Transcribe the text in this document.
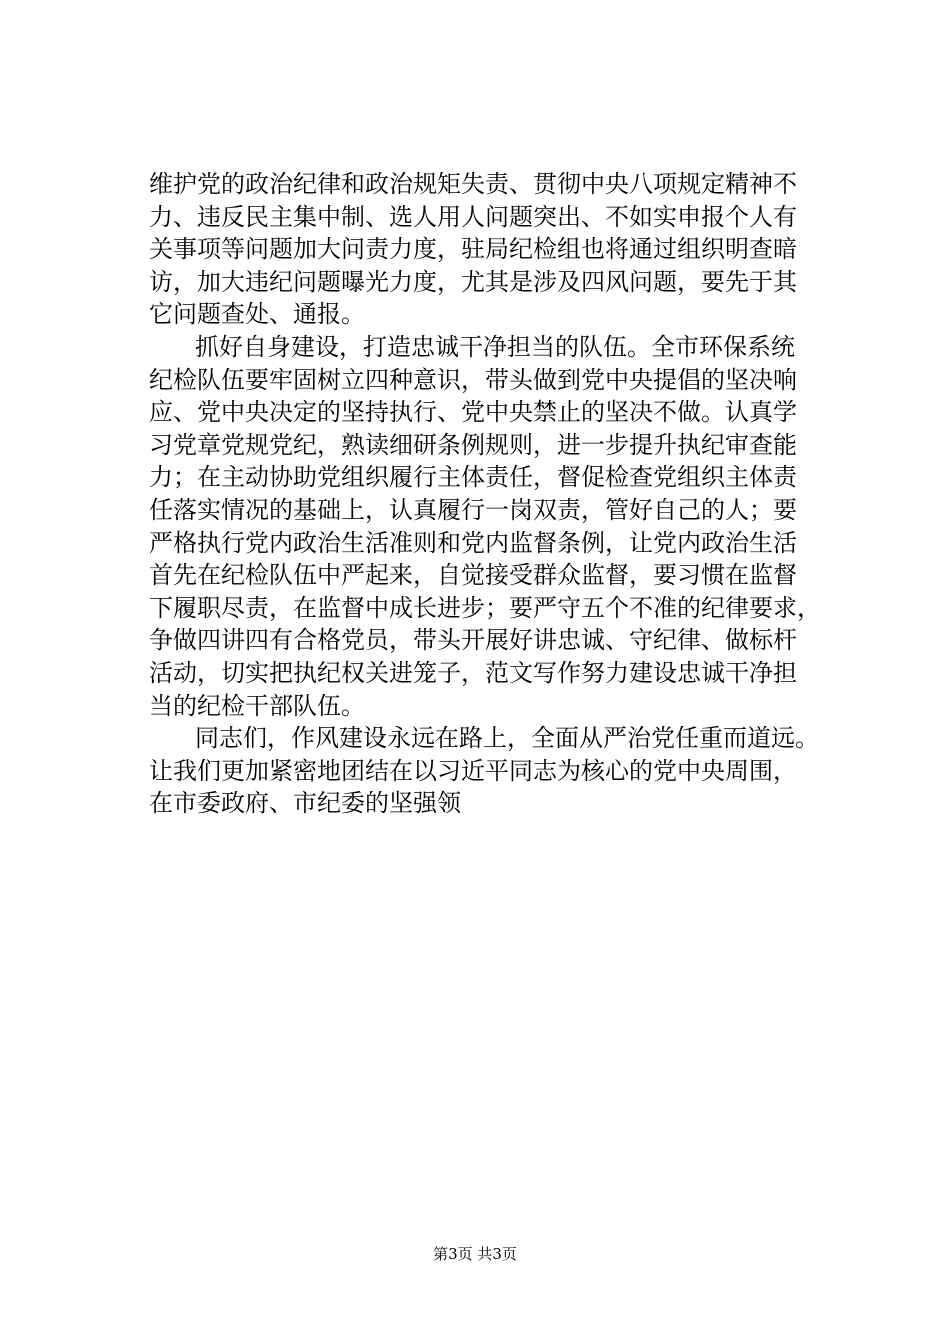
维护党的政治纪律和政治规矩失责、贯彻中央八项规定精神不
力、违反民主集中制、选人用人问题突出、不如实申报个人有
关事项等问题加大问责力度，驻局纪检组也将通过组织明查暗
访，加大违纪问题曝光力度，尤其是涉及四风问题，要先于其
它问题查处、通报。
抓好自身建设，打造忠诚干净担当的队伍。全市环保系统
纪检队伍要牢固树立四种意识，带头做到党中央提倡的坚决响
应、党中央决定的坚持执行、党中央禁止的坚决不做。认真学
习党章党规党纪，熟读细研条例规则，进一步提升执纪审查能
力；在主动协助党组织履行主体责任，督促检查党组织主体责
任落实情况的基础上，认真履行一岗双责，管好自己的人；要
严格执行党内政治生活准则和党内监督条例，让党内政治生活
首先在纪检队伍中严起来，自觉接受群众监督，要习惯在监督
下履职尽责，在监督中成长进步；要严守五个不准的纪律要求，
争做四讲四有合格党员，带头开展好讲忠诚、守纪律、做标杆
活动，切实把执纪权关进笼子，范文写作努力建设忠诚干净担
当的纪检干部队伍。
同志们，作风建设永远在路上，全面从严治党任重而道远。
让我们更加紧密地团结在以习近平同志为核心的党中央周围，
在市委政府、市纪委的坚强领
第3页 共3页
